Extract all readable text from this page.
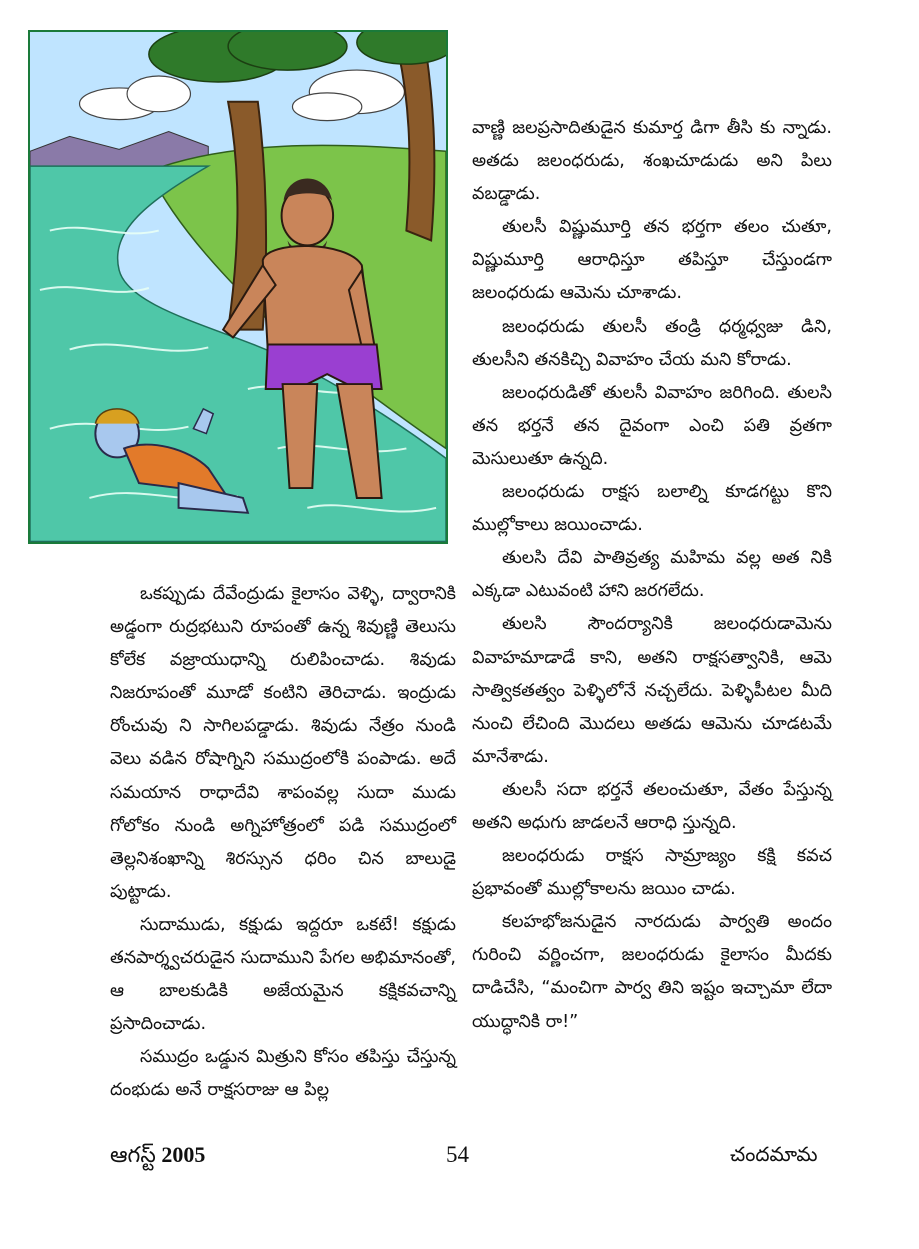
వాణ్ణి జలప్రసాదితుడైన కుమార్త డిగా తీసి కు న్నాడు. అతడు జలంధరుడు, శంఖచూడుడు అని పిలు వబడ్డాడు.

తులసీ విష్ణుమూర్తి తన భర్తగా తలం చుతూ, విష్ణుమూర్తి ఆరాధిస్తూ తపిస్తూ చేస్తుండగా జలంధరుడు ఆమెను చూశాడు.

జలంధరుడు తులసీ తండ్రి ధర్మధ్వజు డిని, తులసీని తనకిచ్చి వివాహం చేయ మని కోరాడు.

జలంధరుడితో తులసీ వివాహం జరిగింది. తులసి తన భర్తనే తన దైవంగా ఎంచి పతి వ్రతగా మెసులుతూ ఉన్నది.

జలంధరుడు రాక్షస బలాల్ని కూడగట్టు కొని ముల్లోకాలు జయించాడు.

తులసి దేవి పాతివ్రత్య మహిమ వల్ల అత నికి ఎక్కడా ఎటువంటి హాని జరగలేదు.

తులసి సౌందర్యానికి జలంధరుడామెను వివాహమాడాడే కాని, అతని రాక్షసత్వానికి, ఆమె సాత్వికతత్వం పెళ్ళిలోనే నచ్చలేదు. పెళ్ళిపీటల మీది నుంచి లేచింది మొదలు అతడు ఆమెను చూడటమే మానేశాడు.

తులసీ సదా భర్తనే తలంచుతూ, వేతం పేస్తున్న అతని అధుగు జాడలనే ఆరాధి స్తున్నది.

జలంధరుడు రాక్షస సామ్రాజ్యం కక్షి కవచ ప్రభావంతో ముల్లోకాలను జయిం చాడు.

కలహభోజనుడైన నారదుడు పార్వతి అందం గురించి వర్ణించగా, జలంధరుడు కైలాసం మీదకు దాడిచేసి, “మంచిగా పార్వ తిని ఇష్టం ఇచ్చామా లేదా యుద్ధానికి రా!”

ఒకప్పుడు దేవేంద్రుడు కైలాసం వెళ్ళి, ద్వారానికి అడ్డంగా రుద్రభటుని రూపంతో ఉన్న శివుణ్ణి తెలుసు కోలేక వజ్రాయుధాన్ని రులిపించాడు. శివుడు నిజరూపంతో మూడో కంటిని తెరిచాడు. ఇంద్రుడు రోంచువు ని సాగిలపడ్డాడు. శివుడు నేత్రం నుండి వెలు వడిన రోషాగ్నిని సముద్రంలోకి పంపాడు. అదే సమయాన రాధాదేవి శాపంవల్ల సుదా ముడు గోలోకం నుండి అగ్నిహోత్రంలో పడి సముద్రంలో తెల్లనిశంఖాన్ని శిరస్సున ధరిం చిన బాలుడై పుట్టాడు.

సుదాముడు, కక్షుడు ఇద్దరూ ఒకటే! కక్షుడు తనపార్శ్వచరుడైన సుదాముని పేగల అభిమానంతో, ఆ బాలకుడికి అజేయమైన కక్షికవచాన్ని ప్రసాదించాడు.

సముద్రం ఒడ్డున మిత్రుని కోసం తపిస్తు చేస్తున్న దంభుడు అనే రాక్షసరాజు ఆ పిల్ల

ఆగస్ట్ 2005	54	చందమామ
